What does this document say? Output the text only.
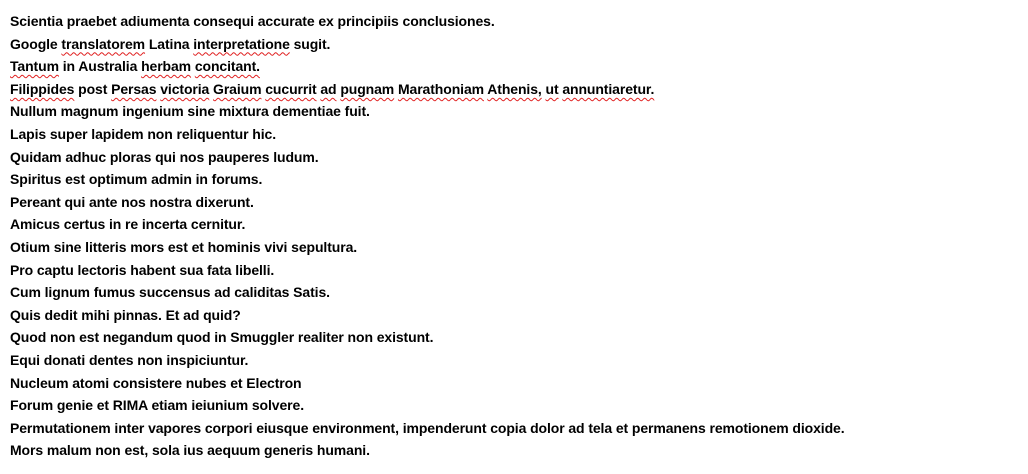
Scientia praebet adiumenta consequi accurate ex principiis conclusiones.
Google translatorem Latina interpretatione sugit.
Tantum in Australia herbam concitant.
Filippides post Persas victoria Graium cucurrit ad pugnam Marathoniam Athenis, ut annuntiaretur.
Nullum magnum ingenium sine mixtura dementiae fuit.
Lapis super lapidem non reliquentur hic.
Quidam adhuc ploras qui nos pauperes ludum.
Spiritus est optimum admin in forums.
Pereant qui ante nos nostra dixerunt.
Amicus certus in re incerta cernitur.
Otium sine litteris mors est et hominis vivi sepultura.
Pro captu lectoris habent sua fata libelli.
Cum lignum fumus succensus ad caliditas Satis.
Quis dedit mihi pinnas. Et ad quid?
Quod non est negandum quod in Smuggler realiter non existunt.
Equi donati dentes non inspiciuntur.
Nucleum atomi consistere nubes et Electron
Forum genie et RIMA etiam ieiunium solvere.
Permutationem inter vapores corpori eiusque environment, impenderunt copia dolor ad tela et permanens remotionem dioxide.
Mors malum non est, sola ius aequum generis humani.
